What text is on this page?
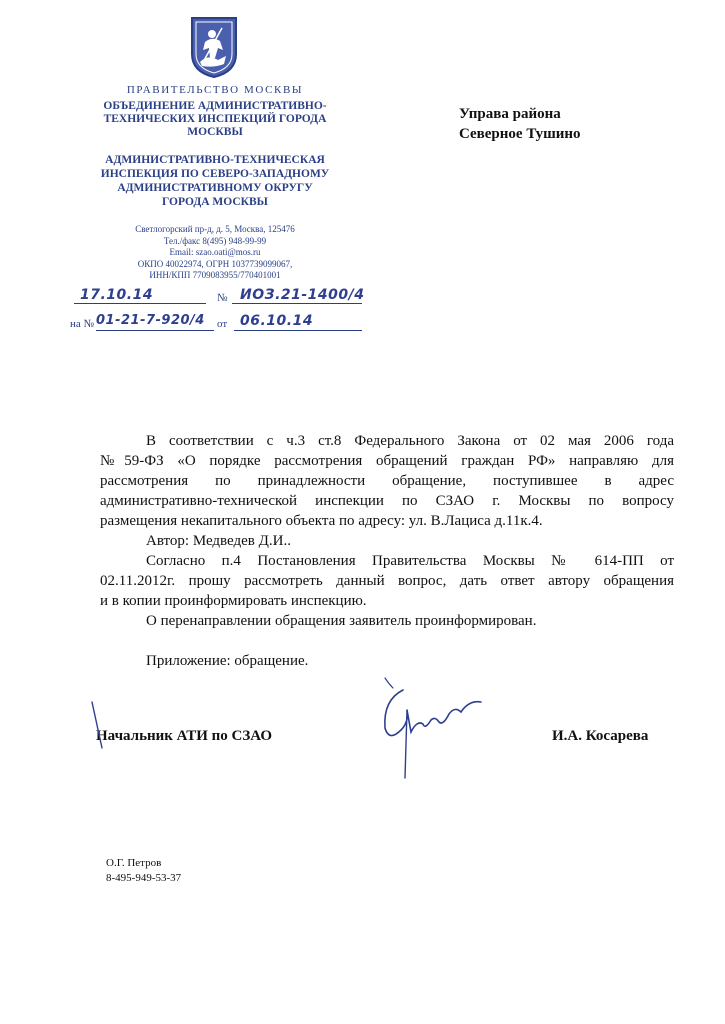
ПРАВИТЕЛЬСТВО МОСКВЫ
ОБЪЕДИНЕНИЕ АДМИНИСТРАТИВНО-
ТЕХНИЧЕСКИХ ИНСПЕКЦИЙ ГОРОДА
МОСКВЫ
АДМИНИСТРАТИВНО-ТЕХНИЧЕСКАЯ
ИНСПЕКЦИЯ ПО СЕВЕРО-ЗАПАДНОМУ
АДМИНИСТРАТИВНОМУ ОКРУГУ
ГОРОДА МОСКВЫ
Светлогорский пр-д, д. 5, Москва, 125476
Тел./факс 8(495) 948-99-99
Email: szao.oati@mos.ru
ОКПО 40022974, ОГРН 1037739099067,
ИНН/КПП 7709083955/770401001
17.10.14	№ ИОЗ.21-1400/4
на № 01-21-7-920/4 от 06.10.14
Управа района
Северное Тушино

В соответствии с ч.3 ст.8 Федерального Закона от 02 мая 2006 года
№59-ФЗ «О порядке рассмотрения обращений граждан РФ» направляю для
рассмотрения по принадлежности обращение, поступившее в адрес
административно-технической инспекции по СЗАО г. Москвы по вопросу
размещения некапитального объекта по адресу: ул. В.Лациса д.11к.4.

Автор: Медведев Д.И..

Согласно п.4 Постановления Правительства Москвы № 614-ПП от
02.11.2012г. прошу рассмотреть данный вопрос, дать ответ автору обращения
и в копии проинформировать инспекцию.

О перенаправлении обращения заявитель проинформирован.

Приложение: обращение.
Начальник АТИ по СЗАО	И.А. Косарева
О.Г. Петров
8-495-949-53-37
